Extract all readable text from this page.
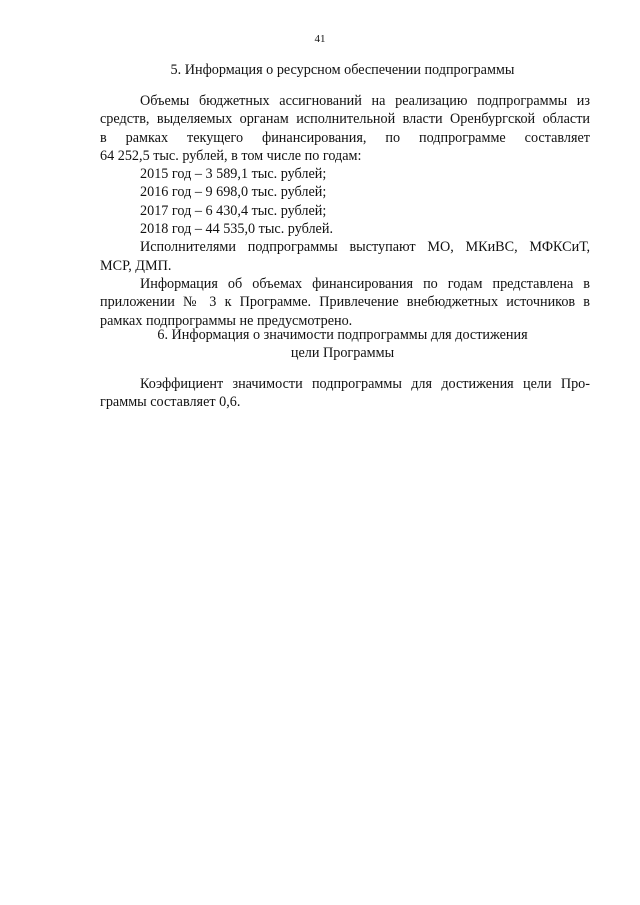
41
5. Информация о ресурсном обеспечении подпрограммы
Объемы бюджетных ассигнований на реализацию подпрограммы из
средств, выделяемых органам исполнительной власти Оренбургской области
в рамках текущего финансирования, по подпрограмме составляет
64 252,5 тыс. рублей, в том числе по годам:
2015 год – 3 589,1 тыс. рублей;
2016 год – 9 698,0 тыс. рублей;
2017 год – 6 430,4 тыс. рублей;
2018 год – 44 535,0 тыс. рублей.
Исполнителями подпрограммы выступают МО, МКиВС, МФКСиТ,
МСР, ДМП.
Информация об объемах финансирования по годам представлена в
приложении № 3 к Программе. Привлечение внебюджетных источников в
рамках подпрограммы не предусмотрено.
6. Информация о значимости подпрограммы для достижения
цели Программы
Коэффициент значимости подпрограммы для достижения цели Про-
граммы составляет 0,6.
